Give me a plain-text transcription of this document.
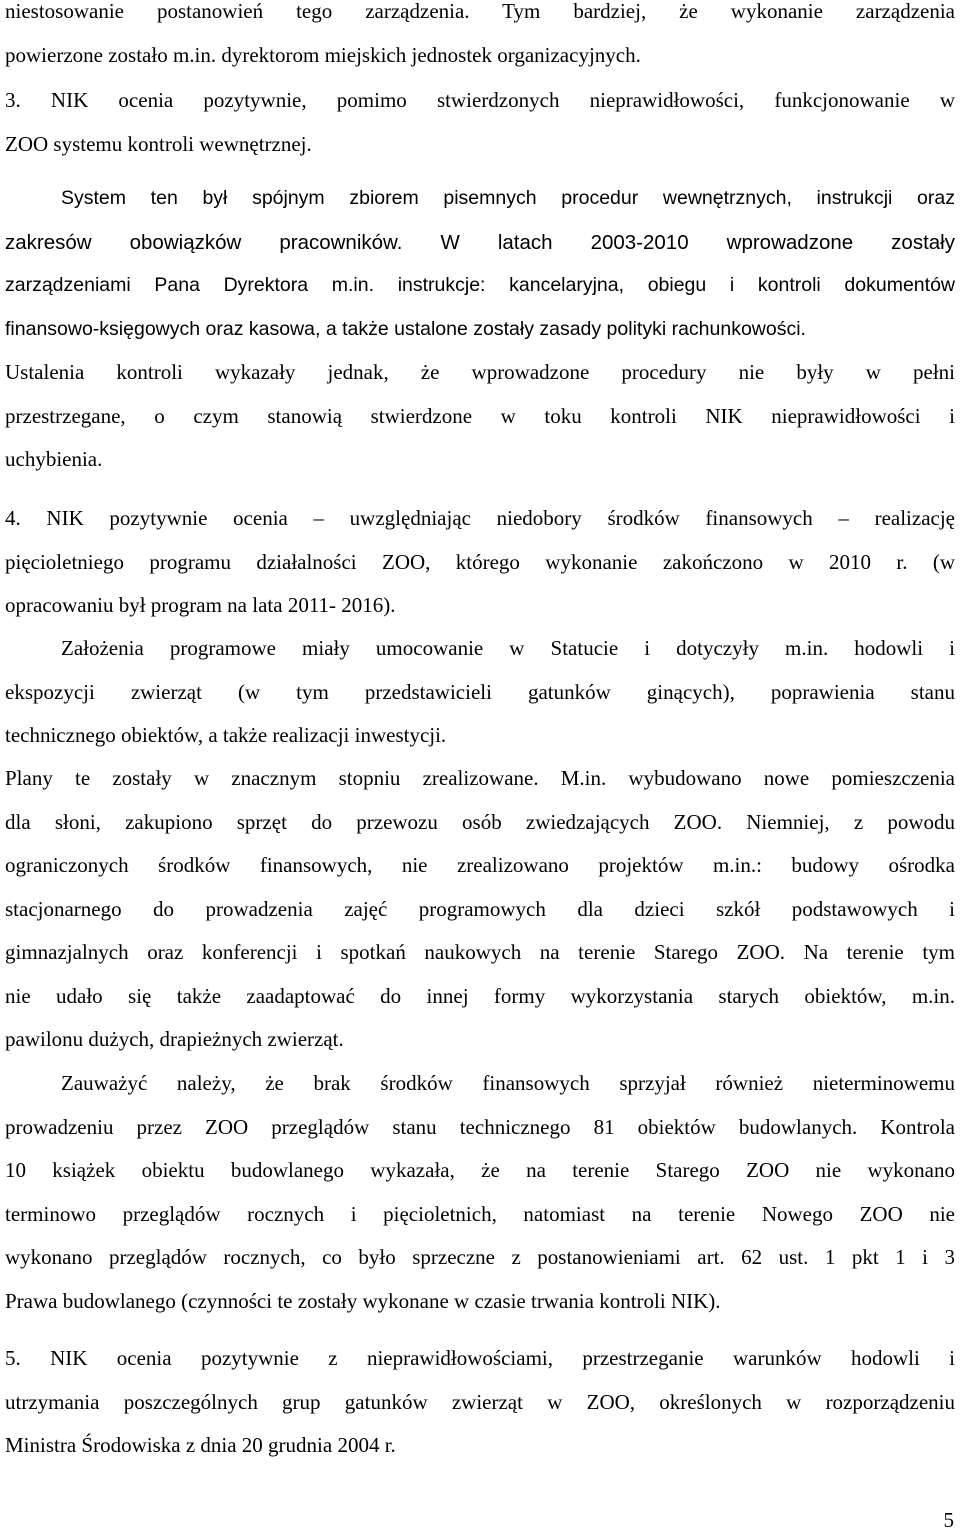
niestosowanie postanowień tego zarządzenia. Tym bardziej, że wykonanie zarządzenia
powierzone zostało m.in. dyrektorom miejskich jednostek organizacyjnych.
3. NIK ocenia pozytywnie, pomimo stwierdzonych nieprawidłowości, funkcjonowanie w
ZOO systemu kontroli wewnętrznej.
System ten był spójnym zbiorem pisemnych procedur wewnętrznych, instrukcji oraz
zakresów obowiązków pracowników. W latach 2003-2010 wprowadzone zostały
zarządzeniami Pana Dyrektora m.in. instrukcje: kancelaryjna, obiegu i kontroli dokumentów
finansowo-księgowych oraz kasowa, a także ustalone zostały zasady polityki rachunkowości.
Ustalenia kontroli wykazały jednak, że wprowadzone procedury nie były w pełni
przestrzegane, o czym stanowią stwierdzone w toku kontroli NIK nieprawidłowości i
uchybienia.
4. NIK pozytywnie ocenia – uwzględniając niedobory środków finansowych – realizację
pięcioletniego programu działalności ZOO, którego wykonanie zakończono w 2010 r. (w
opracowaniu był program na lata 2011- 2016).
Założenia programowe miały umocowanie w Statucie i dotyczyły m.in. hodowli i
ekspozycji zwierząt (w tym przedstawicieli gatunków ginących), poprawienia stanu
technicznego obiektów, a także realizacji inwestycji.
Plany te zostały w znacznym stopniu zrealizowane. M.in. wybudowano nowe pomieszczenia
dla słoni, zakupiono sprzęt do przewozu osób zwiedzających ZOO. Niemniej, z powodu
ograniczonych środków finansowych, nie zrealizowano projektów m.in.: budowy ośrodka
stacjonarnego do prowadzenia zajęć programowych dla dzieci szkół podstawowych i
gimnazjalnych oraz konferencji i spotkań naukowych na terenie Starego ZOO. Na terenie tym
nie udało się także zaadaptować do innej formy wykorzystania starych obiektów, m.in.
pawilonu dużych, drapieżnych zwierząt.
Zauważyć należy, że brak środków finansowych sprzyjał również nieterminowemu
prowadzeniu przez ZOO przeglądów stanu technicznego 81 obiektów budowlanych. Kontrola
10 książek obiektu budowlanego wykazała, że na terenie Starego ZOO nie wykonano
terminowo przeglądów rocznych i pięcioletnich, natomiast na terenie Nowego ZOO nie
wykonano przeglądów rocznych, co było sprzeczne z postanowieniami art. 62 ust. 1 pkt 1 i 3
Prawa budowlanego (czynności te zostały wykonane w czasie trwania kontroli NIK).
5. NIK ocenia pozytywnie z nieprawidłowościami, przestrzeganie warunków hodowli i
utrzymania poszczególnych grup gatunków zwierząt w ZOO, określonych w rozporządzeniu
Ministra Środowiska z dnia 20 grudnia 2004 r.
5
